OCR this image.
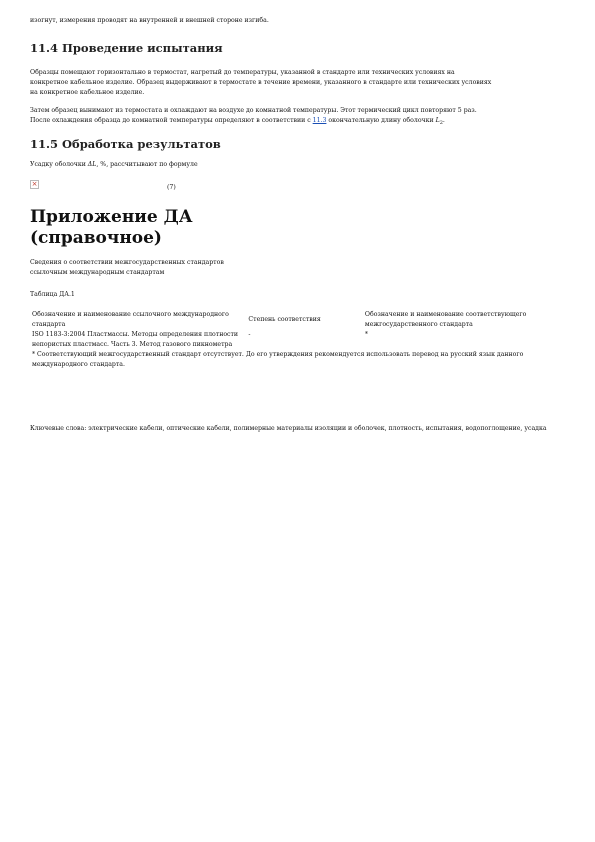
изогнут, измерения проводят на внутренней и внешней стороне изгиба.

11.4 Проведение испытания
Образцы помещают горизонтально в термостат, нагретый до температуры, указанной в стандарте или технических условиях на
конкретное кабельное изделие. Образец выдерживают в термостате в течение времени, указанного в стандарте или технических условиях
на конкретное кабельное изделие.
Затем образец вынимают из термостата и охлаждают на воздухе до комнатной температуры. Этот термический цикл повторяют 5 раз.
После охлаждения образца до комнатной температуры определяют в соответствии с 11.3 окончательную длину оболочки $L_2$.
11.5 Обработка результатов
Усадку оболочки ΔL, %, рассчитывают по формуле
×	(7)
Приложение ДА
(справочное)
Сведения о соответствии межгосударственных стандартов
ссылочным международным стандартам
Таблица ДА.1
Обозначение и наименование ссылочного международного стандарта	Степень соответствия	Обозначение и наименование соответствующего межгосударственного стандарта
ISO 1183-3:2004 Пластмассы. Методы определения плотности непористых пластмасс. Часть 3. Метод газового пикнометра	-	*
* Соответствующий межгосударственный стандарт отсутствует. До его утверждения рекомендуется использовать перевод на русский язык данного международного стандарта.		
Ключевые слова: электрические кабели, оптические кабели, полимерные материалы изоляции и оболочек, плотность, испытания, водопоглощение, усадка
